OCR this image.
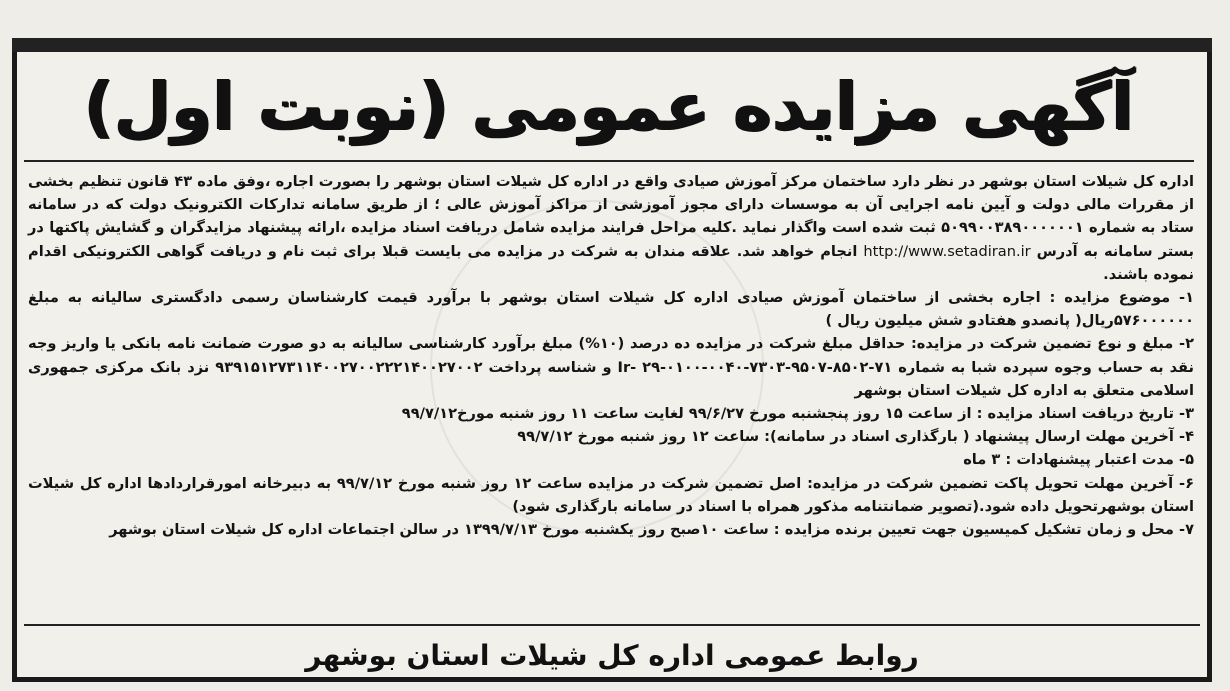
آگهی مزایده عمومی (نوبت اول)

اداره کل شیلات استان بوشهر در نظر دارد ساختمان مرکز آموزش صیادی واقع در اداره کل شیلات استان بوشهر را بصورت اجاره ،وفق ماده ۴۳ قانون تنظیم بخشی از مقررات مالی دولت و آیین نامه اجرایی آن به موسسات دارای مجوز آموزشی از مراکز آموزش عالی ؛ از طریق سامانه تدارکات الکترونیک دولت که در سامانه ستاد به شماره ۵۰۹۹۰۰۳۸۹۰۰۰۰۰۰۱ ثبت شده است واگذار نماید .کلیه مراحل فرایند مزایده شامل دریافت اسناد مزایده ،ارائه پیشنهاد مزایدگران و گشایش پاکتها در بستر سامانه به آدرس http://www.setadiran.ir انجام خواهد شد. علاقه مندان به شرکت در مزایده می بایست قبلا برای ثبت نام و دریافت گواهی الکترونیکی اقدام نموده باشند.

۱- موضوع مزایده : اجاره بخشی از ساختمان آموزش صیادی اداره کل شیلات استان بوشهر با برآورد قیمت کارشناسان رسمی دادگستری سالیانه به مبلغ ۵۷۶۰۰۰۰۰۰ریال( پانصدو هفتادو شش میلیون ریال )

۲- مبلغ و نوع تضمین شرکت در مزایده: حداقل مبلغ شرکت در مزایده ده درصد (۱۰%) مبلغ برآورد کارشناسی سالیانه به دو صورت ضمانت نامه بانکی یا واریز وجه نقد به حساب وجوه سپرده شبا به شماره Ir- ۲۹-۰۱۰۰-۰۰۴۰-۷۳۰۳-۹۵۰۷-۸۵۰۲-۷۱ و شناسه پرداخت ۹۳۹۱۵۱۲۷۳۱۱۴۰۰۲۷۰۰۲۲۲۱۴۰۰۲۷۰۰۲ نزد بانک مرکزی جمهوری اسلامی متعلق به اداره کل شیلات استان بوشهر

۳- تاریخ دریافت اسناد مزایده : از ساعت ۱۵ روز پنجشنبه مورخ ۹۹/۶/۲۷ لغایت ساعت ۱۱ روز شنبه مورخ۹۹/۷/۱۲

۴- آخرین مهلت ارسال پیشنهاد ( بارگذاری اسناد در سامانه): ساعت ۱۲ روز شنبه مورخ ۹۹/۷/۱۲

۵- مدت اعتبار پیشنهادات : ۳ ماه

۶- آخرین مهلت تحویل پاکت تضمین شرکت در مزایده: اصل تضمین شرکت در مزایده ساعت ۱۲ روز شنبه مورخ ۹۹/۷/۱۲ به دبیرخانه امورقراردادها اداره کل شیلات استان بوشهرتحویل داده شود.(تصویر ضمانتنامه مذکور همراه با اسناد در سامانه بارگذاری شود)

۷- محل و زمان تشکیل کمیسیون جهت تعیین برنده مزایده : ساعت ۱۰صبح روز یکشنبه مورخ ۱۳۹۹/۷/۱۳ در سالن اجتماعات اداره کل شیلات استان بوشهر

روابط عمومی اداره کل شیلات استان بوشهر
